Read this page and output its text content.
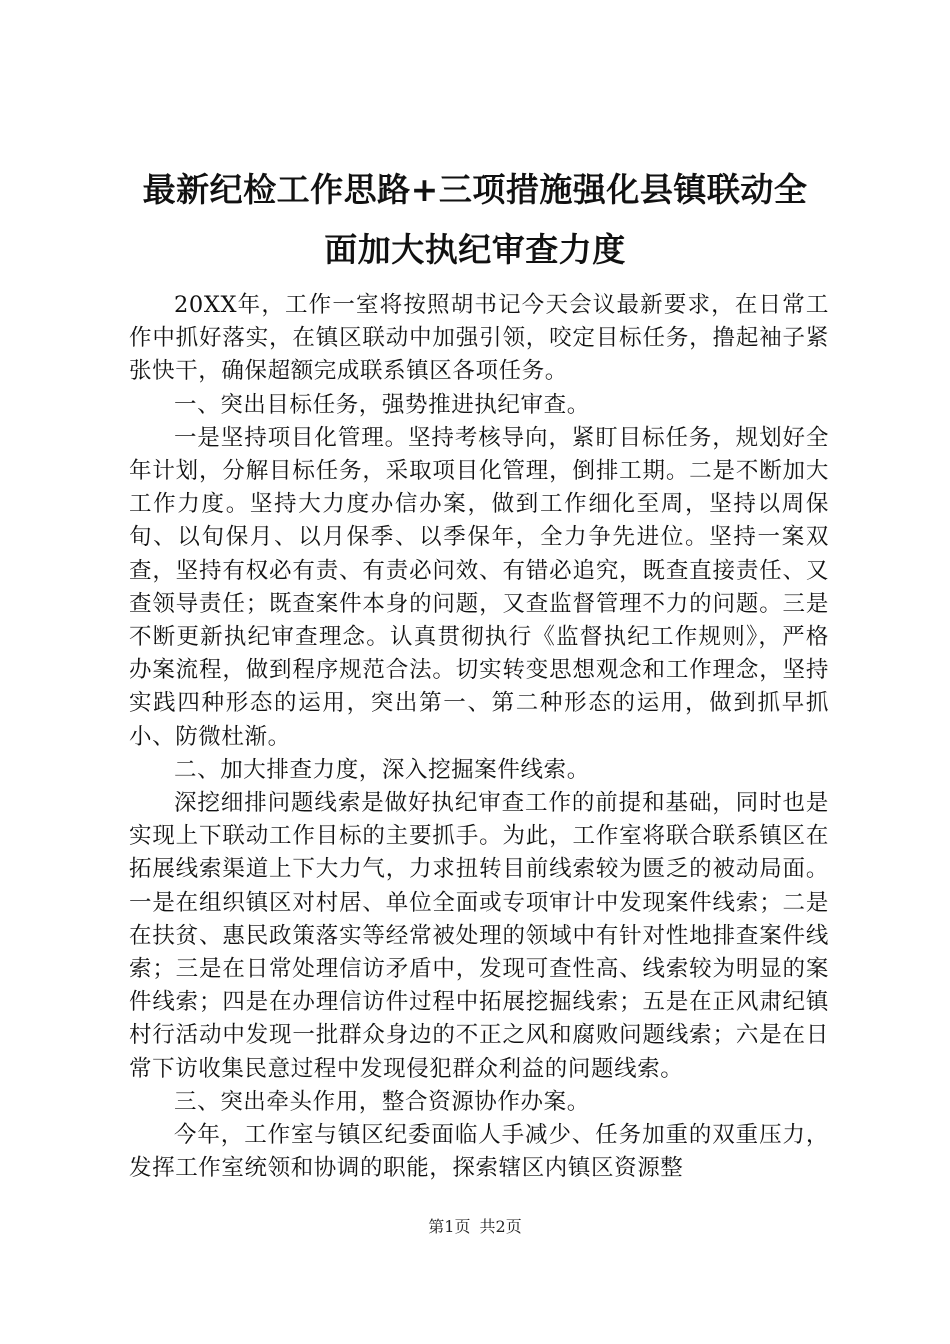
最新纪检工作思路+三项措施强化县镇联动全
面加大执纪审查力度

20XX年，工作一室将按照胡书记今天会议最新要求，在日常工作中抓好落实，在镇区联动中加强引领，咬定目标任务，撸起袖子紧张快干，确保超额完成联系镇区各项任务。

一、突出目标任务，强势推进执纪审查。

一是坚持项目化管理。坚持考核导向，紧盯目标任务，规划好全年计划，分解目标任务，采取项目化管理，倒排工期。二是不断加大工作力度。坚持大力度办信办案，做到工作细化至周，坚持以周保旬、以旬保月、以月保季、以季保年，全力争先进位。坚持一案双查，坚持有权必有责、有责必问效、有错必追究，既查直接责任、又查领导责任；既查案件本身的问题，又查监督管理不力的问题。三是不断更新执纪审查理念。认真贯彻执行《监督执纪工作规则》，严格办案流程，做到程序规范合法。切实转变思想观念和工作理念，坚持实践四种形态的运用，突出第一、第二种形态的运用，做到抓早抓小、防微杜渐。

二、加大排查力度，深入挖掘案件线索。

深挖细排问题线索是做好执纪审查工作的前提和基础，同时也是实现上下联动工作目标的主要抓手。为此，工作室将联合联系镇区在拓展线索渠道上下大力气，力求扭转目前线索较为匮乏的被动局面。一是在组织镇区对村居、单位全面或专项审计中发现案件线索；二是在扶贫、惠民政策落实等经常被处理的领域中有针对性地排查案件线索；三是在日常处理信访矛盾中，发现可查性高、线索较为明显的案件线索；四是在办理信访件过程中拓展挖掘线索；五是在正风肃纪镇村行活动中发现一批群众身边的不正之风和腐败问题线索；六是在日常下访收集民意过程中发现侵犯群众利益的问题线索。

三、突出牵头作用，整合资源协作办案。

今年，工作室与镇区纪委面临人手减少、任务加重的双重压力，发挥工作室统领和协调的职能，探索辖区内镇区资源整

第1页 共2页
